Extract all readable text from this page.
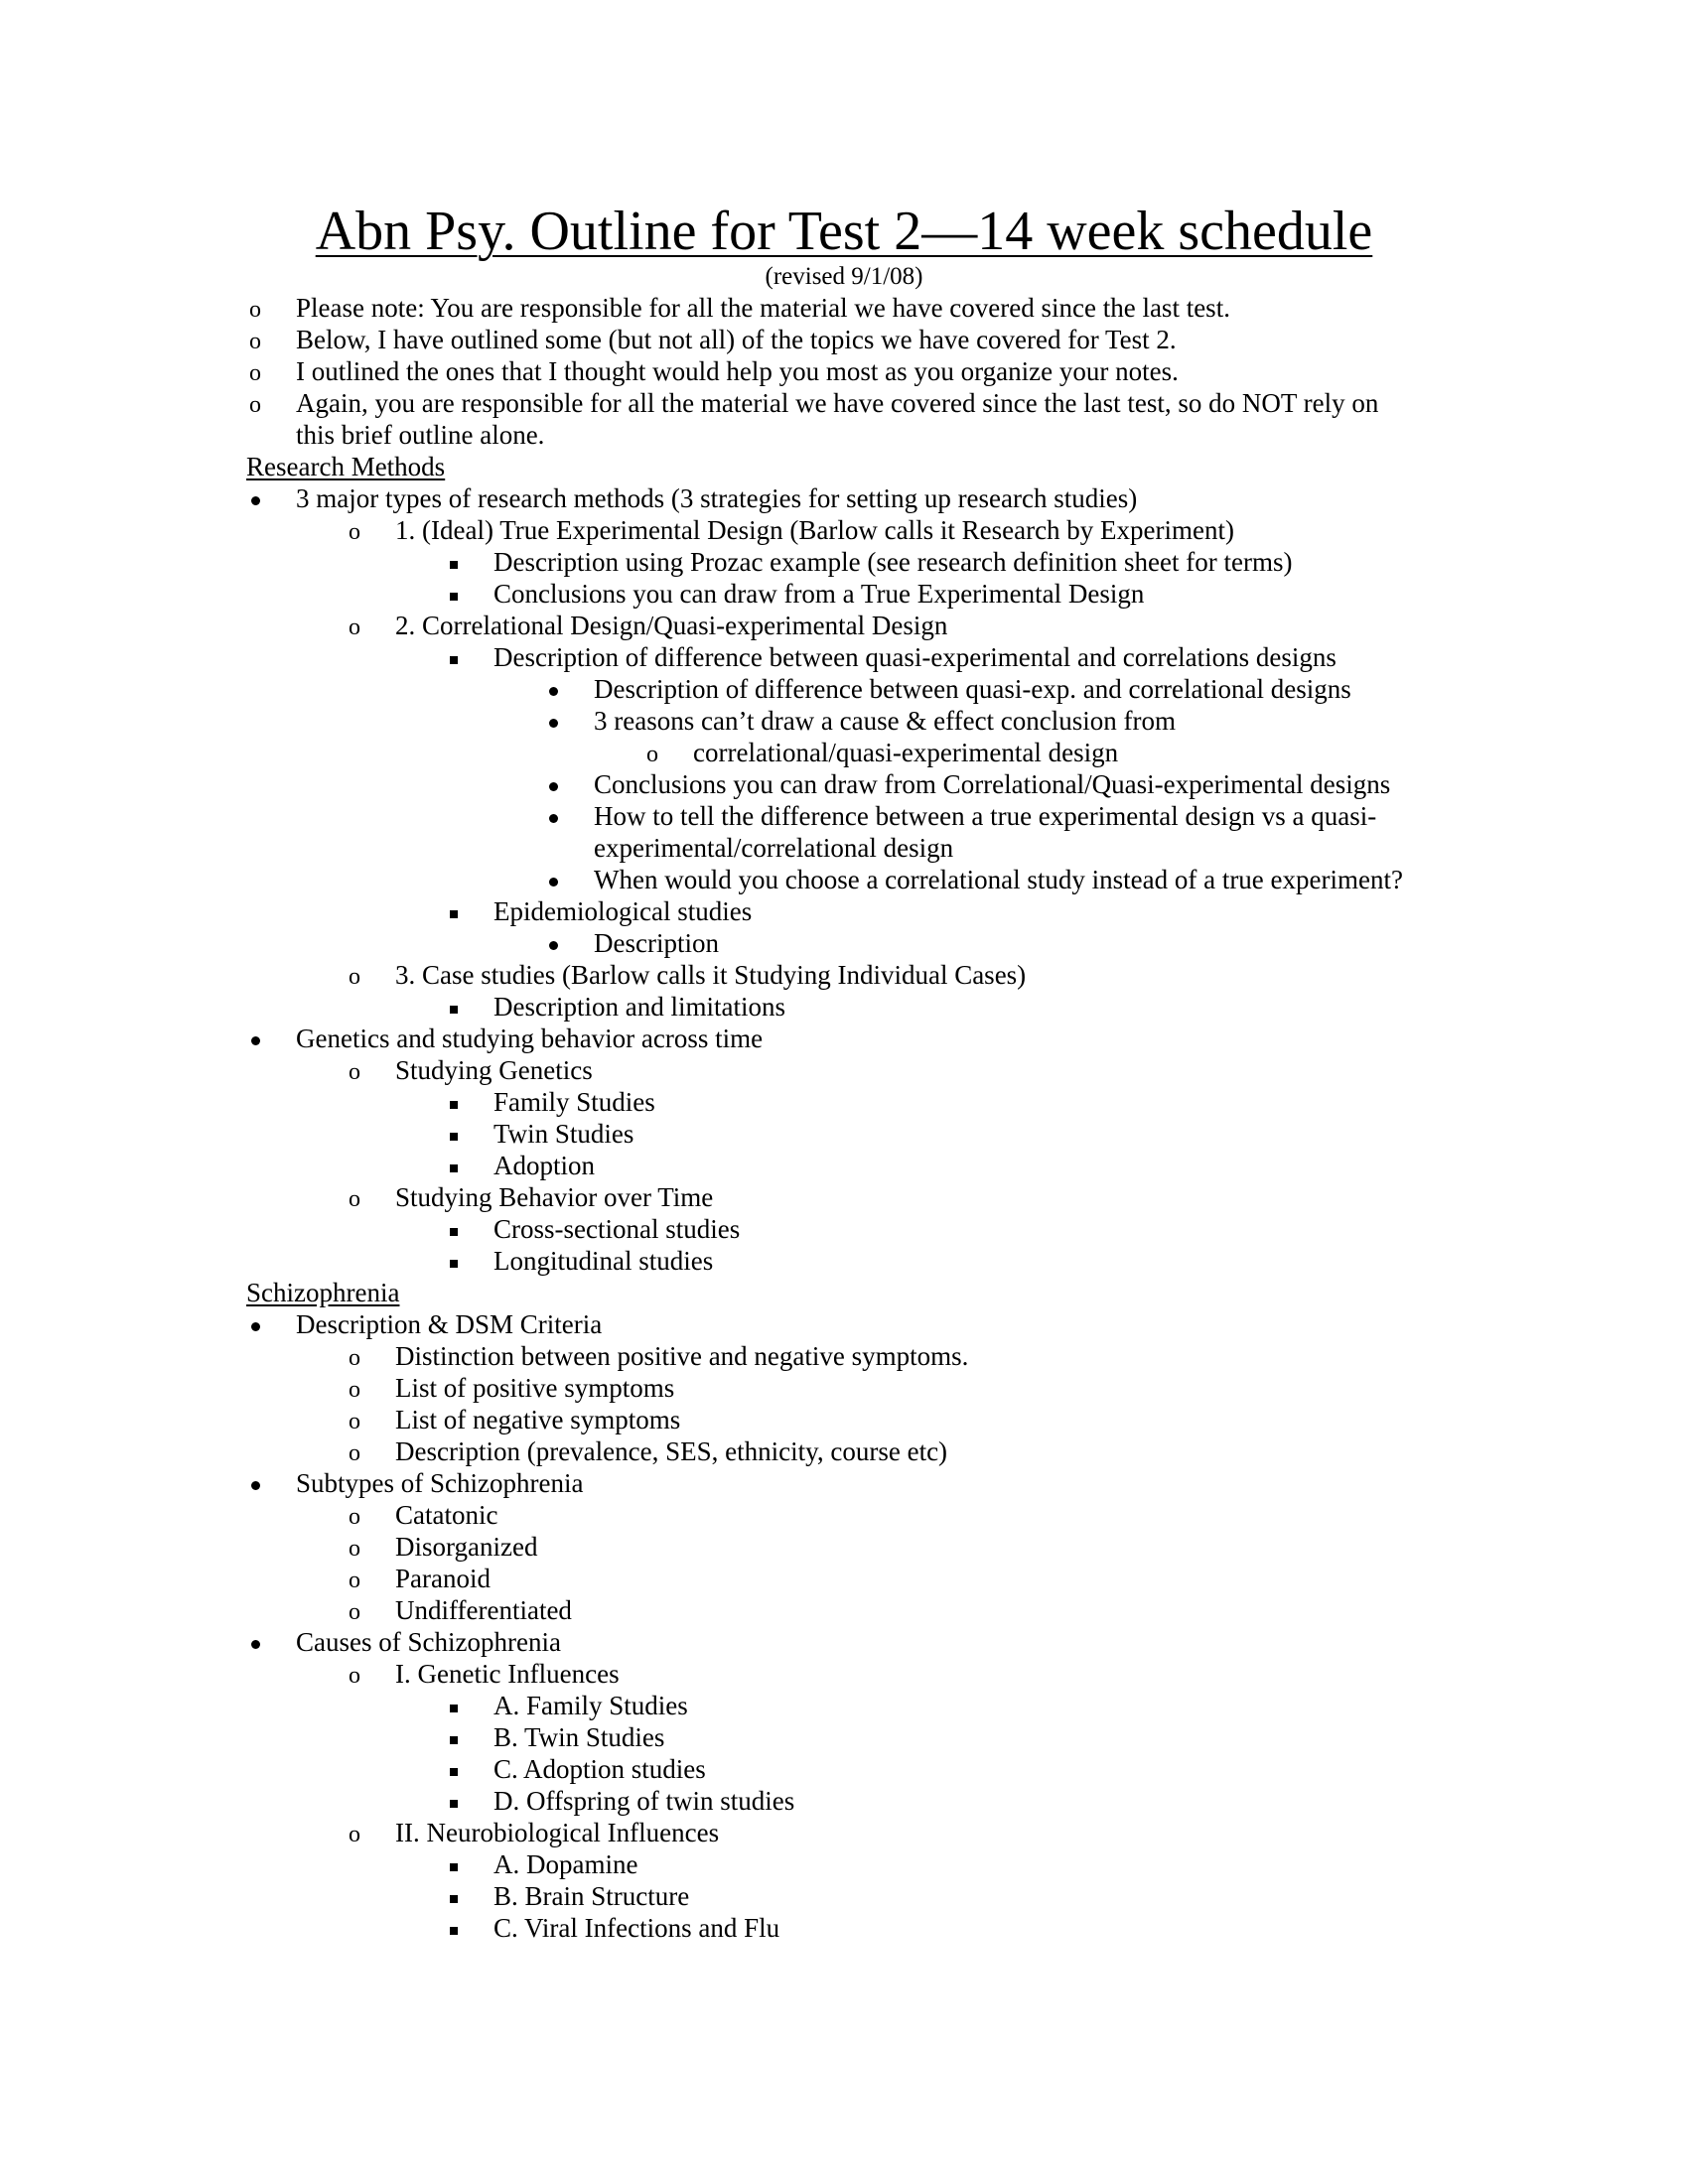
Abn Psy. Outline for Test 2—14 week schedule
(revised 9/1/08)
o	Please note: You are responsible for all the material we have covered since the last test.
o	Below, I have outlined some (but not all) of the topics we have covered for Test 2.
o	I outlined the ones that I thought would help you most as you organize your notes.
o	Again, you are responsible for all the material we have covered since the last test, so do NOT rely on this brief outline alone.
Research Methods
3 major types of research methods (3 strategies for setting up research studies)
o	1. (Ideal) True Experimental Design (Barlow calls it Research by Experiment)
Description using Prozac example (see research definition sheet for terms)
Conclusions you can draw from a True Experimental Design
o	2. Correlational Design/Quasi-experimental Design
Description of difference between quasi-experimental and correlations designs
Description of difference between quasi-exp. and correlational designs
3 reasons can’t draw a cause & effect conclusion from
o	correlational/quasi-experimental design
Conclusions you can draw from Correlational/Quasi-experimental designs
How to tell the difference between a true experimental design vs a quasi-experimental/correlational design
When would you choose a correlational study instead of a true experiment?
Epidemiological studies
Description
o	3. Case studies (Barlow calls it Studying Individual Cases)
Description and limitations
Genetics and studying behavior across time
o	Studying Genetics
Family Studies
Twin Studies
Adoption
o	Studying Behavior over Time
Cross-sectional studies
Longitudinal studies
Schizophrenia
Description & DSM Criteria
o	Distinction between positive and negative symptoms.
o	List of positive symptoms
o	List of negative symptoms
o	Description (prevalence, SES, ethnicity, course etc)
Subtypes of Schizophrenia
o	Catatonic
o	Disorganized
o	Paranoid
o	Undifferentiated
Causes of Schizophrenia
o	I. Genetic Influences
A. Family Studies
B. Twin Studies
C. Adoption studies
D. Offspring of twin studies
o	II. Neurobiological Influences
A. Dopamine
B. Brain Structure
C. Viral Infections and Flu
